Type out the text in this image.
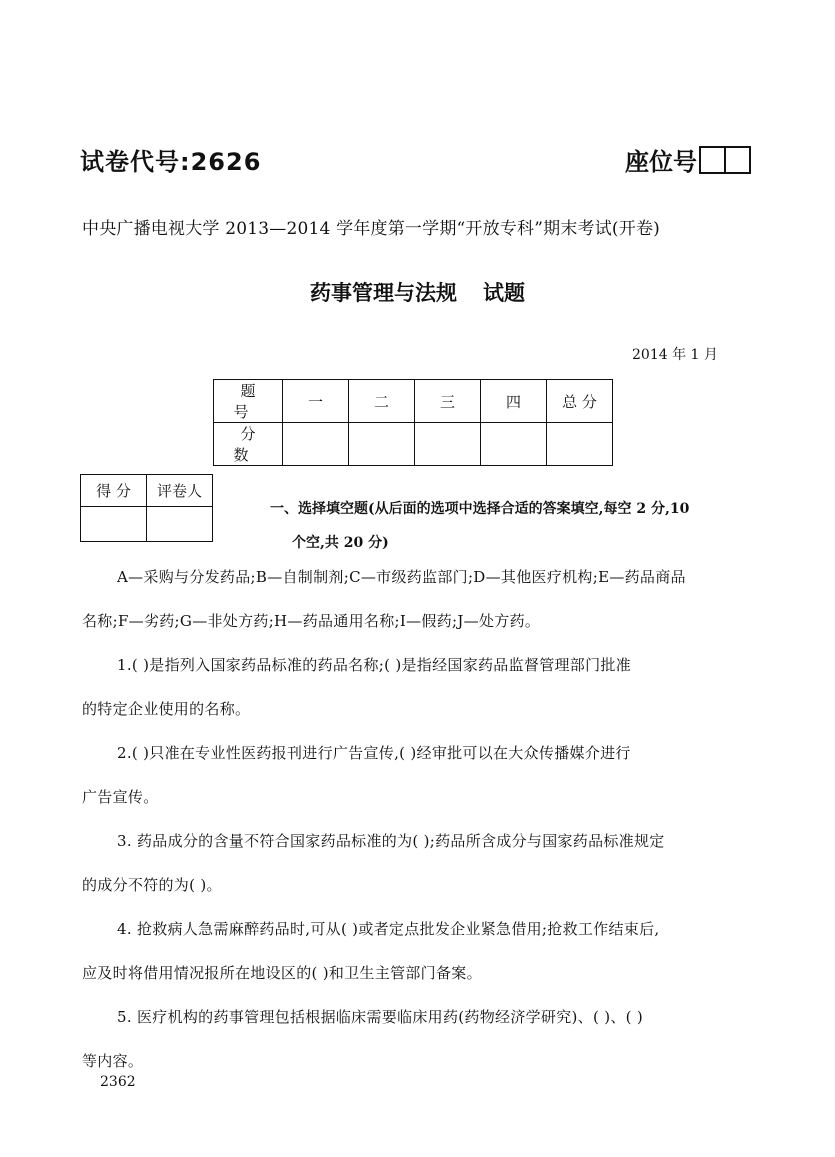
试卷代号:2626	座位号
中央广播电视大学 2013—2014 学年度第一学期“开放专科”期末考试(开卷)
药事管理与法规 试题
2014 年 1 月
题 号	一	二	三	四	总 分
分 数					
得 分	评卷人

一、选择填空题(从后面的选项中选择合适的答案填空,每空 2 分,10
个空,共 20 分)
A—采购与分发药品;B—自制制剂;C—市级药监部门;D—其他医疗机构;E—药品商品
名称;F—劣药;G—非处方药;H—药品通用名称;I—假药;J—处方药。
1.( )是指列入国家药品标准的药品名称;( )是指经国家药品监督管理部门批准
的特定企业使用的名称。
2.( )只准在专业性医药报刊进行广告宣传,( )经审批可以在大众传播媒介进行
广告宣传。
3. 药品成分的含量不符合国家药品标准的为( );药品所含成分与国家药品标准规定
的成分不符的为( )。
4. 抢救病人急需麻醉药品时,可从( )或者定点批发企业紧急借用;抢救工作结束后,
应及时将借用情况报所在地设区的( )和卫生主管部门备案。
5. 医疗机构的药事管理包括根据临床需要临床用药(药物经济学研究)、( )、( )
等内容。
2362
